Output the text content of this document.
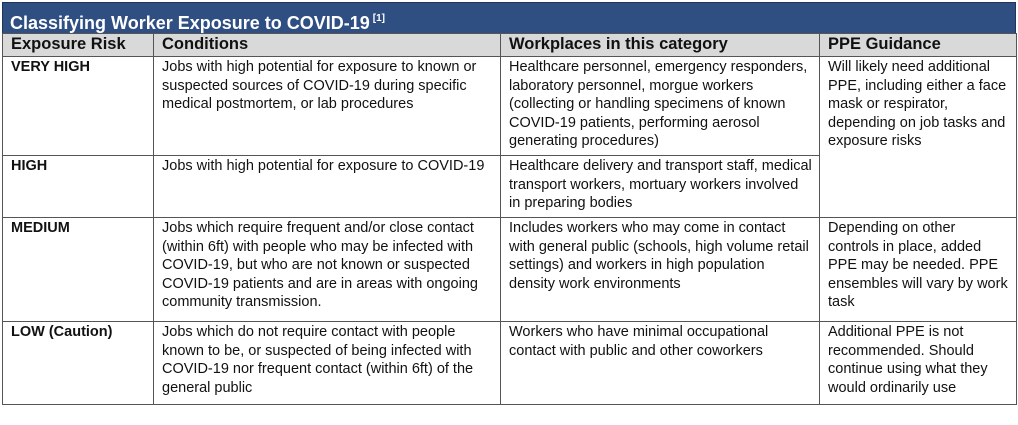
Classifying Worker Exposure to COVID-19 [1]
Exposure Risk	Conditions	Workplaces in this category	PPE Guidance
VERY HIGH	Jobs with high potential for exposure to known or suspected sources of COVID-19 during specific medical postmortem, or lab procedures	Healthcare personnel, emergency responders, laboratory personnel, morgue workers (collecting or handling specimens of known COVID-19 patients, performing aerosol generating procedures)	Will likely need additional PPE, including either a face mask or respirator, depending on job tasks and exposure risks
HIGH	Jobs with high potential for exposure to COVID-19	Healthcare delivery and transport staff, medical transport workers, mortuary workers involved in preparing bodies	
MEDIUM	Jobs which require frequent and/or close contact (within 6ft) with people who may be infected with COVID-19, but who are not known or suspected COVID-19 patients and are in areas with ongoing community transmission.	Includes workers who may come in contact with general public (schools, high volume retail settings) and workers in high population density work environments	Depending on other controls in place, added PPE may be needed. PPE ensembles will vary by work task
LOW (Caution)	Jobs which do not require contact with people known to be, or suspected of being infected with COVID-19 nor frequent contact (within 6ft) of the general public	Workers who have minimal occupational contact with public and other coworkers	Additional PPE is not recommended. Should continue using what they would ordinarily use
